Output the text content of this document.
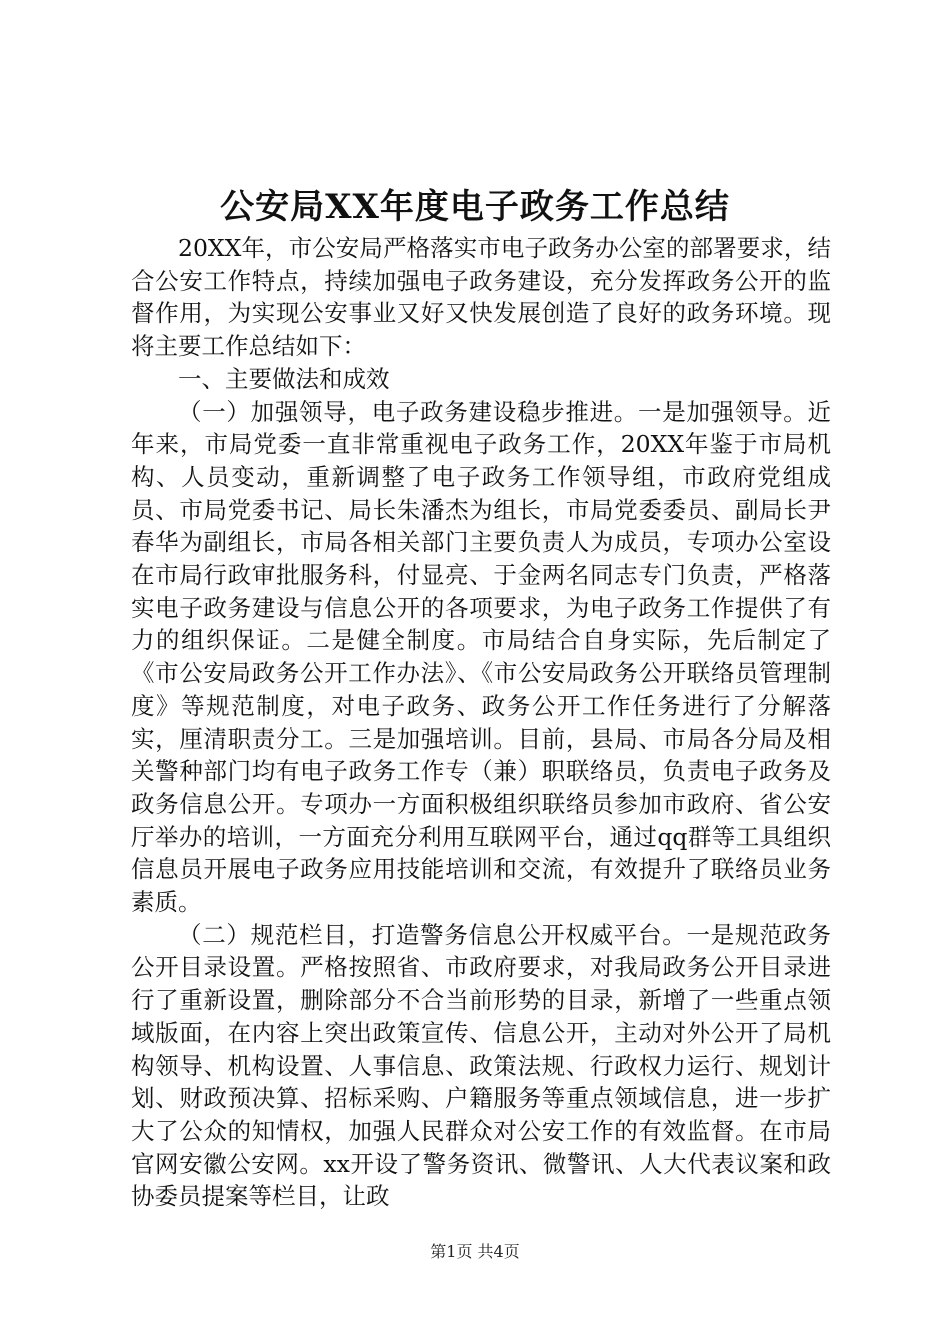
公安局XX年度电子政务工作总结

20XX年，市公安局严格落实市电子政务办公室的部署要求，结合公安工作特点，持续加强电子政务建设，充分发挥政务公开的监督作用，为实现公安事业又好又快发展创造了良好的政务环境。现将主要工作总结如下：

一、主要做法和成效

（一）加强领导，电子政务建设稳步推进。一是加强领导。近年来，市局党委一直非常重视电子政务工作，20XX年鉴于市局机构、人员变动，重新调整了电子政务工作领导组，市政府党组成员、市局党委书记、局长朱潘杰为组长，市局党委委员、副局长尹春华为副组长，市局各相关部门主要负责人为成员，专项办公室设在市局行政审批服务科，付显亮、于金两名同志专门负责，严格落实电子政务建设与信息公开的各项要求，为电子政务工作提供了有力的组织保证。二是健全制度。市局结合自身实际，先后制定了《市公安局政务公开工作办法》、《市公安局政务公开联络员管理制度》等规范制度，对电子政务、政务公开工作任务进行了分解落实，厘清职责分工。三是加强培训。目前，县局、市局各分局及相关警种部门均有电子政务工作专（兼）职联络员，负责电子政务及政务信息公开。专项办一方面积极组织联络员参加市政府、省公安厅举办的培训，一方面充分利用互联网平台，通过qq群等工具组织信息员开展电子政务应用技能培训和交流，有效提升了联络员业务素质。

（二）规范栏目，打造警务信息公开权威平台。一是规范政务公开目录设置。严格按照省、市政府要求，对我局政务公开目录进行了重新设置，删除部分不合当前形势的目录，新增了一些重点领域版面，在内容上突出政策宣传、信息公开，主动对外公开了局机构领导、机构设置、人事信息、政策法规、行政权力运行、规划计划、财政预决算、招标采购、户籍服务等重点领域信息，进一步扩大了公众的知情权，加强人民群众对公安工作的有效监督。在市局官网安徽公安网。xx开设了警务资讯、微警讯、人大代表议案和政协委员提案等栏目，让政

第1页 共4页
